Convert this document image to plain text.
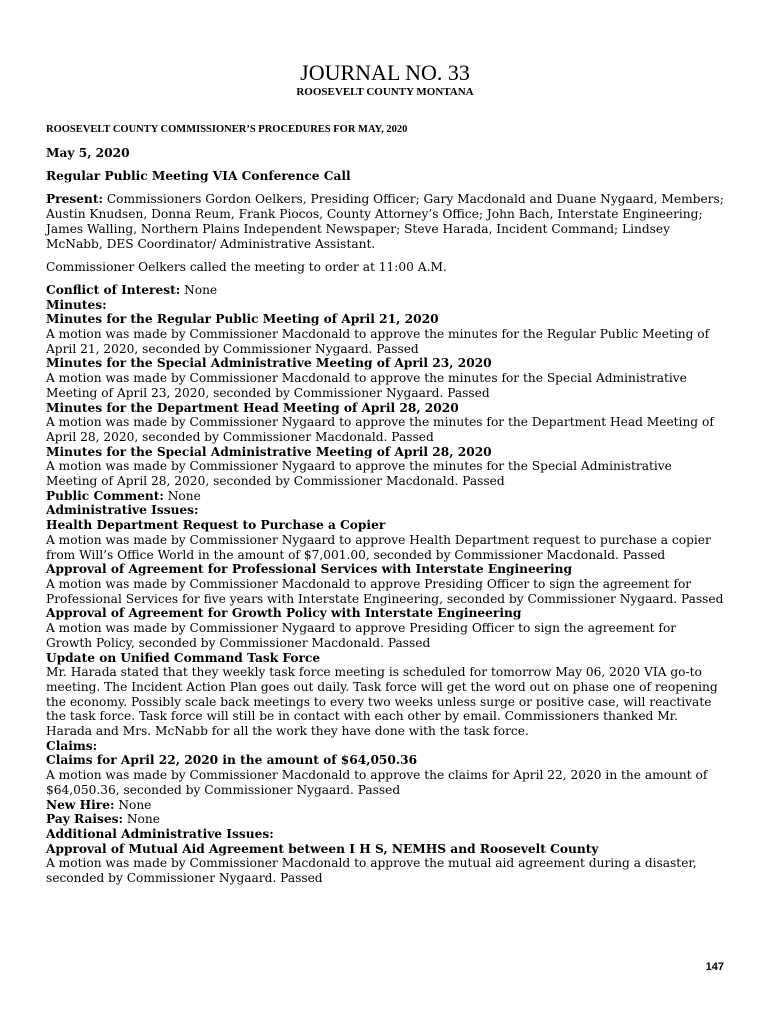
JOURNAL NO. 33
ROOSEVELT COUNTY MONTANA
ROOSEVELT COUNTY COMMISSIONER’S PROCEDURES FOR MAY, 2020

May 5, 2020

Regular Public Meeting VIA Conference Call

Present: Commissioners Gordon Oelkers, Presiding Officer; Gary Macdonald and Duane Nygaard, Members; Austin Knudsen, Donna Reum, Frank Piocos, County Attorney’s Office; John Bach, Interstate Engineering; James Walling, Northern Plains Independent Newspaper; Steve Harada, Incident Command; Lindsey McNabb, DES Coordinator/ Administrative Assistant.

Commissioner Oelkers called the meeting to order at 11:00 A.M.

Conflict of Interest: None

Minutes:

Minutes for the Regular Public Meeting of April 21, 2020

A motion was made by Commissioner Macdonald to approve the minutes for the Regular Public Meeting of April 21, 2020, seconded by Commissioner Nygaard. Passed

Minutes for the Special Administrative Meeting of April 23, 2020

A motion was made by Commissioner Macdonald to approve the minutes for the Special Administrative Meeting of April 23, 2020, seconded by Commissioner Nygaard. Passed

Minutes for the Department Head Meeting of April 28, 2020

A motion was made by Commissioner Nygaard to approve the minutes for the Department Head Meeting of April 28, 2020, seconded by Commissioner Macdonald. Passed

Minutes for the Special Administrative Meeting of April 28, 2020

A motion was made by Commissioner Nygaard to approve the minutes for the Special Administrative Meeting of April 28, 2020, seconded by Commissioner Macdonald. Passed

Public Comment: None

Administrative Issues:

Health Department Request to Purchase a Copier

A motion was made by Commissioner Nygaard to approve Health Department request to purchase a copier from Will’s Office World in the amount of $7,001.00, seconded by Commissioner Macdonald. Passed

Approval of Agreement for Professional Services with Interstate Engineering

A motion was made by Commissioner Macdonald to approve Presiding Officer to sign the agreement for Professional Services for five years with Interstate Engineering, seconded by Commissioner Nygaard. Passed

Approval of Agreement for Growth Policy with Interstate Engineering

A motion was made by Commissioner Nygaard to approve Presiding Officer to sign the agreement for Growth Policy, seconded by Commissioner Macdonald. Passed

Update on Unified Command Task Force

Mr. Harada stated that they weekly task force meeting is scheduled for tomorrow May 06, 2020 VIA go-to meeting. The Incident Action Plan goes out daily. Task force will get the word out on phase one of reopening the economy. Possibly scale back meetings to every two weeks unless surge or positive case, will reactivate the task force. Task force will still be in contact with each other by email. Commissioners thanked Mr. Harada and Mrs. McNabb for all the work they have done with the task force.

Claims:

Claims for April 22, 2020 in the amount of $64,050.36

A motion was made by Commissioner Macdonald to approve the claims for April 22, 2020 in the amount of $64,050.36, seconded by Commissioner Nygaard. Passed

New Hire: None

Pay Raises: None

Additional Administrative Issues:

Approval of Mutual Aid Agreement between I H S, NEMHS and Roosevelt County

A motion was made by Commissioner Macdonald to approve the mutual aid agreement during a disaster, seconded by Commissioner Nygaard. Passed

147
